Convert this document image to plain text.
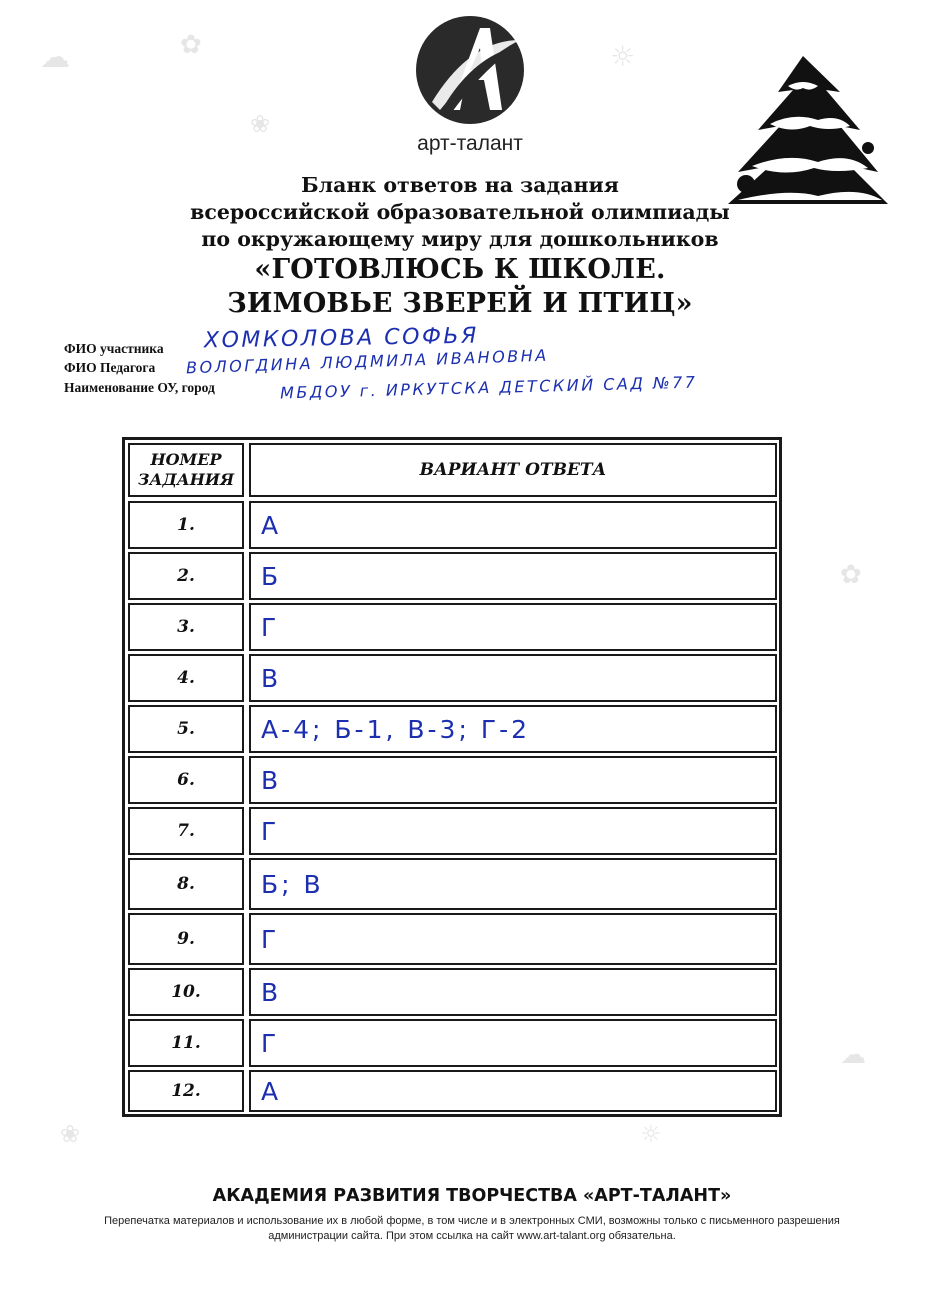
☁	✿	☼
❀
✿
☁
❀	☼
арт-талант
Бланк ответов на задания
всероссийской образовательной олимпиады
по окружающему миру для дошкольников
«ГОТОВЛЮСЬ К ШКОЛЕ.
ЗИМОВЬЕ ЗВЕРЕЙ И ПТИЦ»
ФИО участника ХОМКОЛОВА СОФЬЯ
ФИО Педагога ВОЛОГДИНА ЛЮДМИЛА ИВАНОВНА
Наименование ОУ, город	МБДОУ г. ИРКУТСКА ДЕТСКИЙ САД №77
НОМЕР ЗАДАНИЯ	ВАРИАНТ ОТВЕТА
1.	А
2.	Б
3.	Г
4.	В
5.	А-4; Б-1, В-3; Г-2
6.	В
7.	Г
8.	Б; В
9.	Г
10.	В
11.	Г
12.	А
АКАДЕМИЯ РАЗВИТИЯ ТВОРЧЕСТВА «АРТ-ТАЛАНТ»
Перепечатка материалов и использование их в любой форме, в том числе и в электронных СМИ, возможны только с письменного разрешения администрации сайта. При этом ссылка на сайт www.art-talant.org обязательна.
